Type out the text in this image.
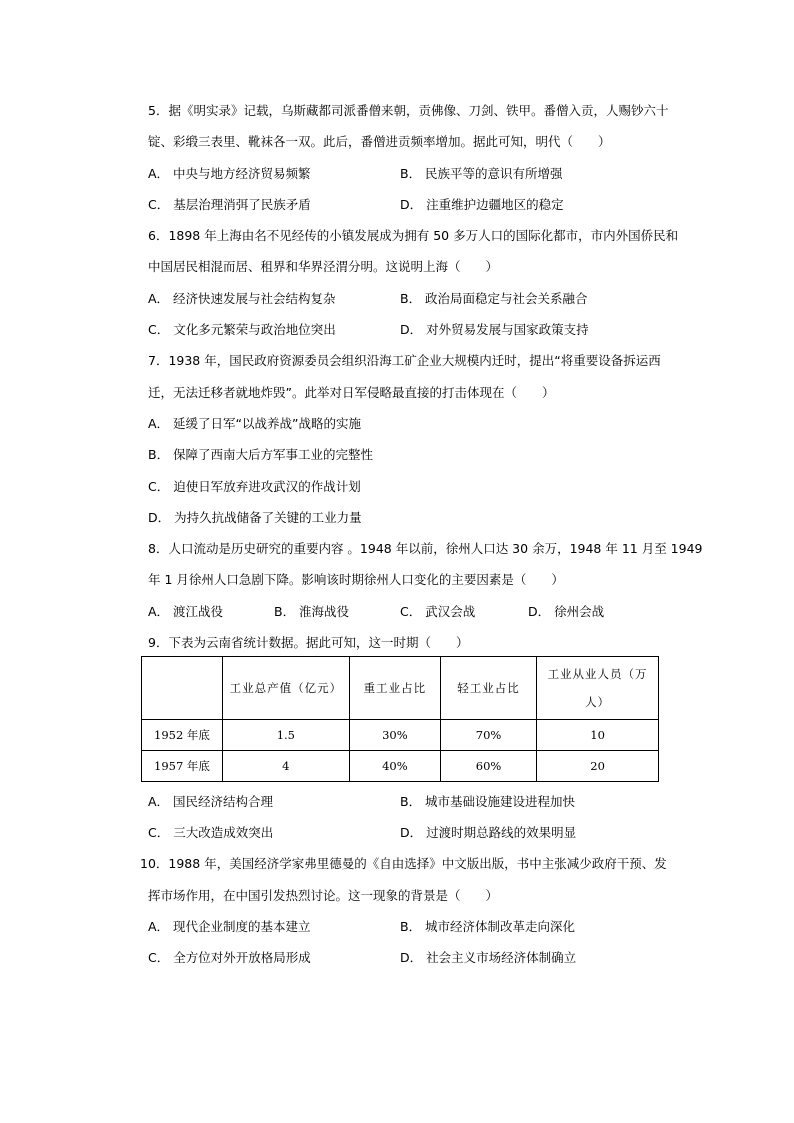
5．据《明实录》记载，乌斯藏都司派番僧来朝，贡佛像、刀剑、铁甲。番僧入贡，人赐钞六十
锭、彩缎三表里、靴袜各一双。此后，番僧进贡频率增加。据此可知，明代（　　）
A． 中央与地方经济贸易频繁	B． 民族平等的意识有所增强
C． 基层治理消弭了民族矛盾	D． 注重维护边疆地区的稳定
6．1898 年上海由名不见经传的小镇发展成为拥有 50 多万人口的国际化都市，市内外国侨民和
中国居民相混而居、租界和华界泾渭分明。这说明上海（　　）
A． 经济快速发展与社会结构复杂	B． 政治局面稳定与社会关系融合
C． 文化多元繁荣与政治地位突出	D． 对外贸易发展与国家政策支持
7．1938 年，国民政府资源委员会组织沿海工矿企业大规模内迁时，提出“将重要设备拆运西
迁，无法迁移者就地炸毁”。此举对日军侵略最直接的打击体现在（　　）
A． 延缓了日军“以战养战”战略的实施
B． 保障了西南大后方军事工业的完整性
C． 迫使日军放弃进攻武汉的作战计划
D． 为持久抗战储备了关键的工业力量
8．人口流动是历史研究的重要内容 。1948 年以前，徐州人口达 30 余万，1948 年 11 月至 1949
年 1 月徐州人口急剧下降。影响该时期徐州人口变化的主要因素是（　　）
A． 渡江战役	B． 淮海战役	C． 武汉会战	D． 徐州会战
9．下表为云南省统计数据。据此可知，这一时期（　　）
	工业总产值（亿元）	重工业占比	轻工业占比	工业从业人员（万人）
1952 年底	1.5	30%	70%	10
1957 年底	4	40%	60%	20
A． 国民经济结构合理	B． 城市基础设施建设进程加快
C． 三大改造成效突出	D． 过渡时期总路线的效果明显
10．1988 年，美国经济学家弗里德曼的《自由选择》中文版出版，书中主张减少政府干预、发
挥市场作用，在中国引发热烈讨论。这一现象的背景是（　　）
A． 现代企业制度的基本建立	B． 城市经济体制改革走向深化
C． 全方位对外开放格局形成	D． 社会主义市场经济体制确立
